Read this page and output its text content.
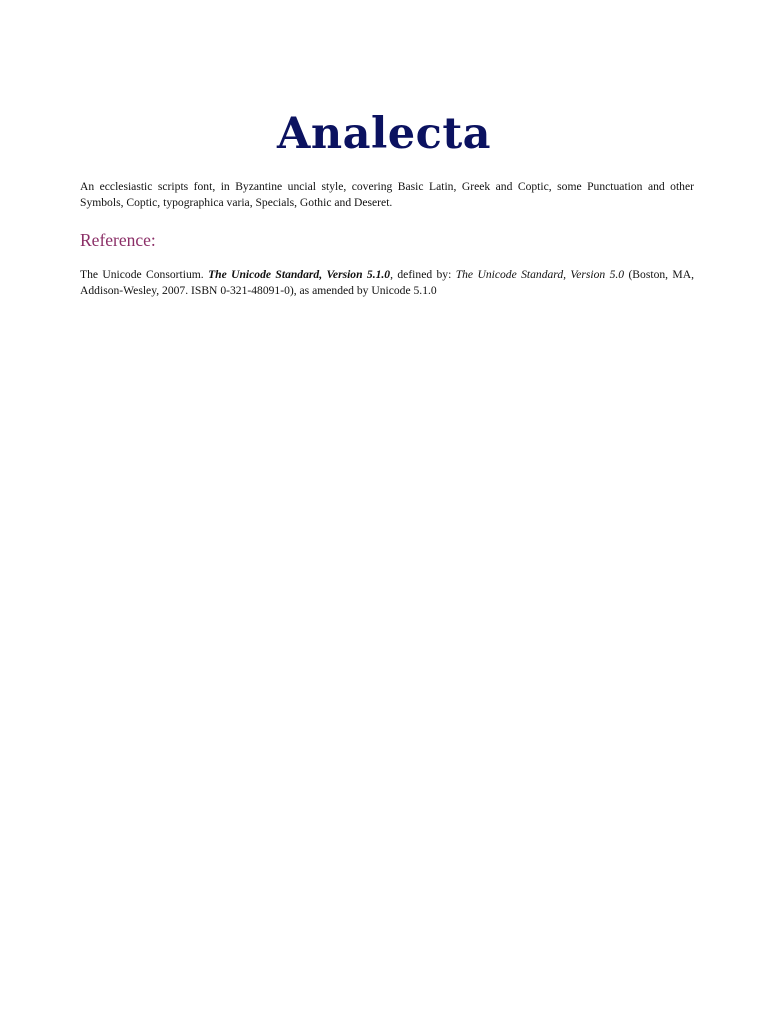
Analecta

An ecclesiastic scripts font, in Byzantine uncial style, covering Basic Latin, Greek and Coptic, some Punctuation and other Symbols, Coptic, typographica varia, Specials, Gothic and Deseret.

Reference:

The Unicode Consortium. The Unicode Standard, Version 5.1.0, defined by: The Unicode Standard, Version 5.0 (Boston, MA, Addison-Wesley, 2007. ISBN 0-321-48091-0), as amended by Unicode 5.1.0
